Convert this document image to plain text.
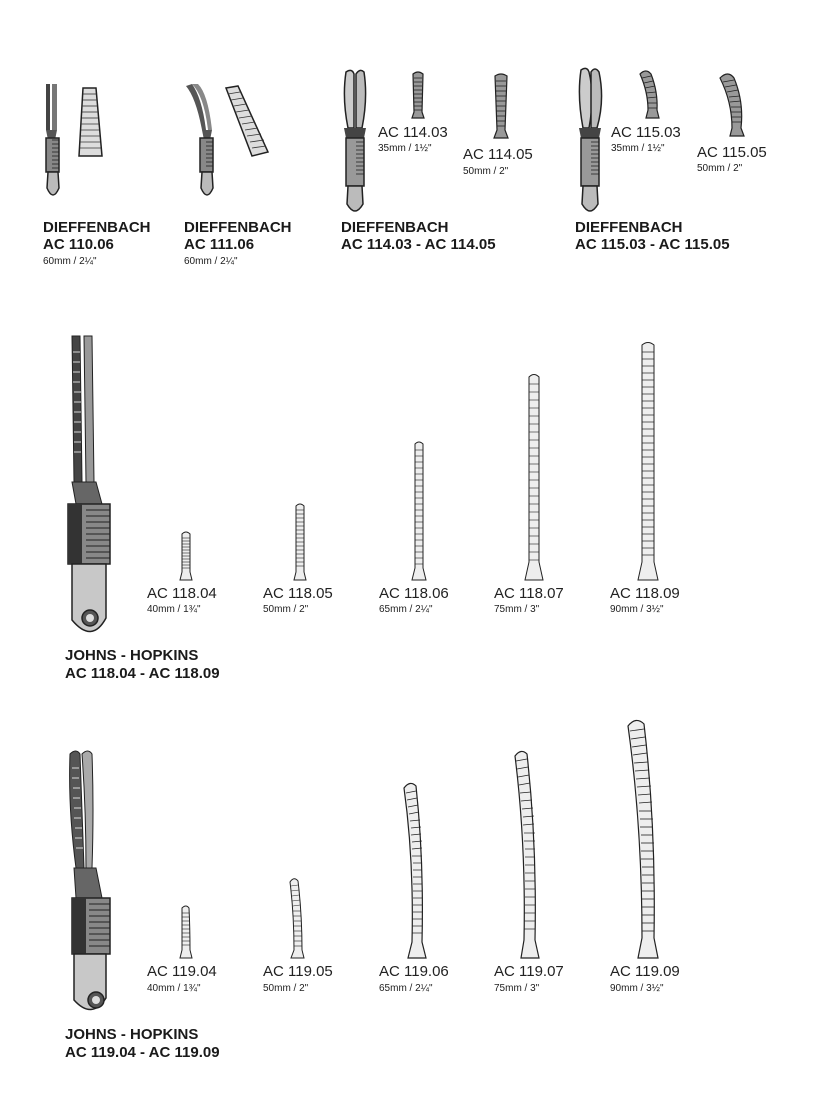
DIEFFENBACH
AC 110.06
60mm / 2¼"
DIEFFENBACH
AC 111.06
60mm / 2¼"
AC 114.03
35mm / 1½" AC 114.05
50mm / 2"
DIEFFENBACH
AC 114.03 - AC 114.05
AC 115.03
35mm / 1½" AC 115.05
50mm / 2"
DIEFFENBACH
AC 115.03 - AC 115.05
JOHNS - HOPKINS
AC 118.04 - AC 118.09
AC 118.04
40mm / 1¾"
AC 118.05
50mm / 2"
AC 118.06
65mm / 2¼"
AC 118.07
75mm / 3"
AC 118.09
90mm / 3½"
JOHNS - HOPKINS
AC 119.04 - AC 119.09
AC 119.04
40mm / 1¾"
AC 119.05
50mm / 2"
AC 119.06
65mm / 2¼"
AC 119.07
75mm / 3"
AC 119.09
90mm / 3½"
